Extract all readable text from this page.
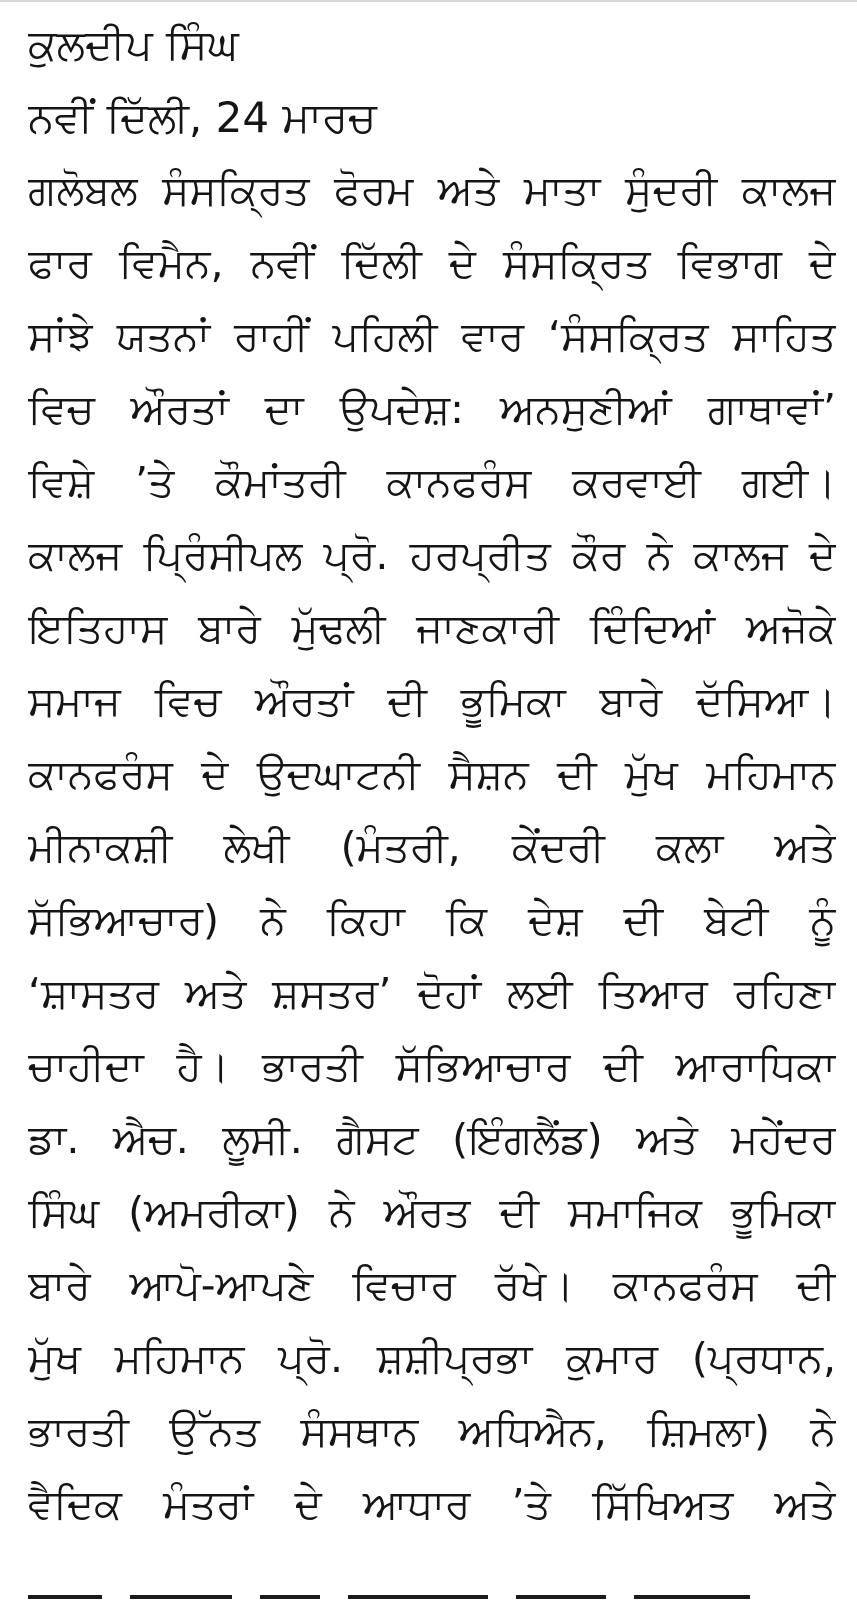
ਕੁਲਦੀਪ ਸਿੰਘ
ਨਵੀਂ ਦਿੱਲੀ, 24 ਮਾਰਚ
ਗਲੋਬਲ ਸੰਸਕ੍ਰਿਤ ਫੋਰਮ ਅਤੇ ਮਾਤਾ ਸੁੰਦਰੀ ਕਾਲਜ
ਫਾਰ ਵਿਮੈਨ, ਨਵੀਂ ਦਿੱਲੀ ਦੇ ਸੰਸਕ੍ਰਿਤ ਵਿਭਾਗ ਦੇ
ਸਾਂਝੇ ਯਤਨਾਂ ਰਾਹੀਂ ਪਹਿਲੀ ਵਾਰ ‘ਸੰਸਕ੍ਰਿਤ ਸਾਹਿਤ
ਵਿਚ ਔਰਤਾਂ ਦਾ ਉਪਦੇਸ਼: ਅਨਸੁਣੀਆਂ ਗਾਥਾਵਾਂ’
ਵਿਸ਼ੇ ’ਤੇ ਕੌਮਾਂਤਰੀ ਕਾਨਫਰੰਸ ਕਰਵਾਈ ਗਈ।
ਕਾਲਜ ਪ੍ਰਿੰਸੀਪਲ ਪ੍ਰੋ. ਹਰਪ੍ਰੀਤ ਕੌਰ ਨੇ ਕਾਲਜ ਦੇ
ਇਤਿਹਾਸ ਬਾਰੇ ਮੁੱਢਲੀ ਜਾਣਕਾਰੀ ਦਿੰਦਿਆਂ ਅਜੋਕੇ
ਸਮਾਜ ਵਿਚ ਔਰਤਾਂ ਦੀ ਭੂਮਿਕਾ ਬਾਰੇ ਦੱਸਿਆ।
ਕਾਨਫਰੰਸ ਦੇ ਉਦਘਾਟਨੀ ਸੈਸ਼ਨ ਦੀ ਮੁੱਖ ਮਹਿਮਾਨ
ਮੀਨਾਕਸ਼ੀ ਲੇਖੀ (ਮੰਤਰੀ, ਕੇਂਦਰੀ ਕਲਾ ਅਤੇ
ਸੱਭਿਆਚਾਰ) ਨੇ ਕਿਹਾ ਕਿ ਦੇਸ਼ ਦੀ ਬੇਟੀ ਨੂੰ
‘ਸ਼ਾਸਤਰ ਅਤੇ ਸ਼ਸਤਰ’ ਦੋਹਾਂ ਲਈ ਤਿਆਰ ਰਹਿਣਾ
ਚਾਹੀਦਾ ਹੈ। ਭਾਰਤੀ ਸੱਭਿਆਚਾਰ ਦੀ ਆਰਾਧਿਕਾ
ਡਾ. ਐਚ. ਲੂਸੀ. ਗੈਸਟ (ਇੰਗਲੈਂਡ) ਅਤੇ ਮਹੇਂਦਰ
ਸਿੰਘ (ਅਮਰੀਕਾ) ਨੇ ਔਰਤ ਦੀ ਸਮਾਜਿਕ ਭੂਮਿਕਾ
ਬਾਰੇ ਆਪੋ-ਆਪਣੇ ਵਿਚਾਰ ਰੱਖੇ। ਕਾਨਫਰੰਸ ਦੀ
ਮੁੱਖ ਮਹਿਮਾਨ ਪ੍ਰੋ. ਸ਼ਸ਼ੀਪ੍ਰਭਾ ਕੁਮਾਰ (ਪ੍ਰਧਾਨ,
ਭਾਰਤੀ ਉੱਨਤ ਸੰਸਥਾਨ ਅਧਿਐਨ, ਸ਼ਿਮਲਾ) ਨੇ
ਵੈਦਿਕ ਮੰਤਰਾਂ ਦੇ ਆਧਾਰ ’ਤੇ ਸਿੱਖਿਅਤ ਅਤੇ
